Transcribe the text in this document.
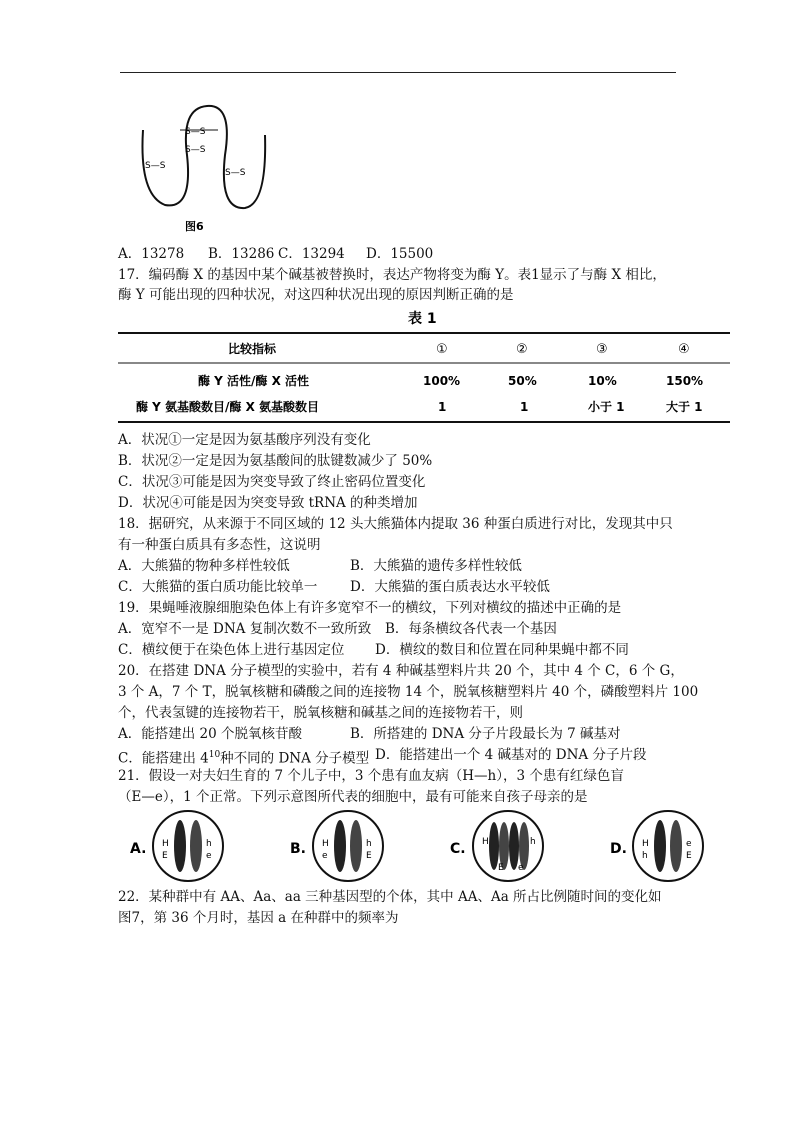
S—S
S—S
S—S
S—S
图6
A．13278 B．13286 C．13294 D．15500
17．编码酶 X 的基因中某个碱基被替换时，表达产物将变为酶 Y。表1显示了与酶 X 相比，
酶 Y 可能出现的四种状况，对这四种状况出现的原因判断正确的是
表 1
比较指标	①	②	③	④
酶 Y 活性/酶 X 活性	100%	50%	10%	150%
酶 Y 氨基酸数目/酶 X 氨基酸数目	1	1	小于 1	大于 1
A．状况①一定是因为氨基酸序列没有变化
B．状况②一定是因为氨基酸间的肽键数减少了 50%
C．状况③可能是因为突变导致了终止密码位置变化
D．状况④可能是因为突变导致 tRNA 的种类增加
18．据研究，从来源于不同区域的 12 头大熊猫体内提取 36 种蛋白质进行对比，发现其中只
有一种蛋白质具有多态性，这说明
A．大熊猫的物种多样性较低	B．大熊猫的遗传多样性较低
C．大熊猫的蛋白质功能比较单一 D．大熊猫的蛋白质表达水平较低
19．果蝇唾液腺细胞染色体上有许多宽窄不一的横纹，下列对横纹的描述中正确的是
A．宽窄不一是 DNA 复制次数不一致所致 B．每条横纹各代表一个基因
C．横纹便于在染色体上进行基因定位 D．横纹的数目和位置在同种果蝇中都不同
20．在搭建 DNA 分子模型的实验中，若有 4 种碱基塑料片共 20 个，其中 4 个 C，6 个 G，
3 个 A，7 个 T，脱氧核糖和磷酸之间的连接物 14 个，脱氧核糖塑料片 40 个，磷酸塑料片 100
个，代表氢键的连接物若干，脱氧核糖和碱基之间的连接物若干，则
A．能搭建出 20 个脱氧核苷酸	B．所搭建的 DNA 分子片段最长为 7 碱基对
C．能搭建出 $4^{10}$种不同的 DNA 分子模型 D．能搭建出一个 4 碱基对的 DNA 分子片段
21．假设一对夫妇生育的 7 个儿子中，3 个患有血友病（H—h），3 个患有红绿色盲
（E—e），1 个正常。下列示意图所代表的细胞中，最有可能来自孩子母亲的是
A. H
E
h
e	B. H
e
h
E	C. H	h
E e
D. H
h
e
E
22．某种群中有 AA、Aa、aa 三种基因型的个体，其中 AA、Aa 所占比例随时间的变化如
图7，第 36 个月时，基因 a 在种群中的频率为
